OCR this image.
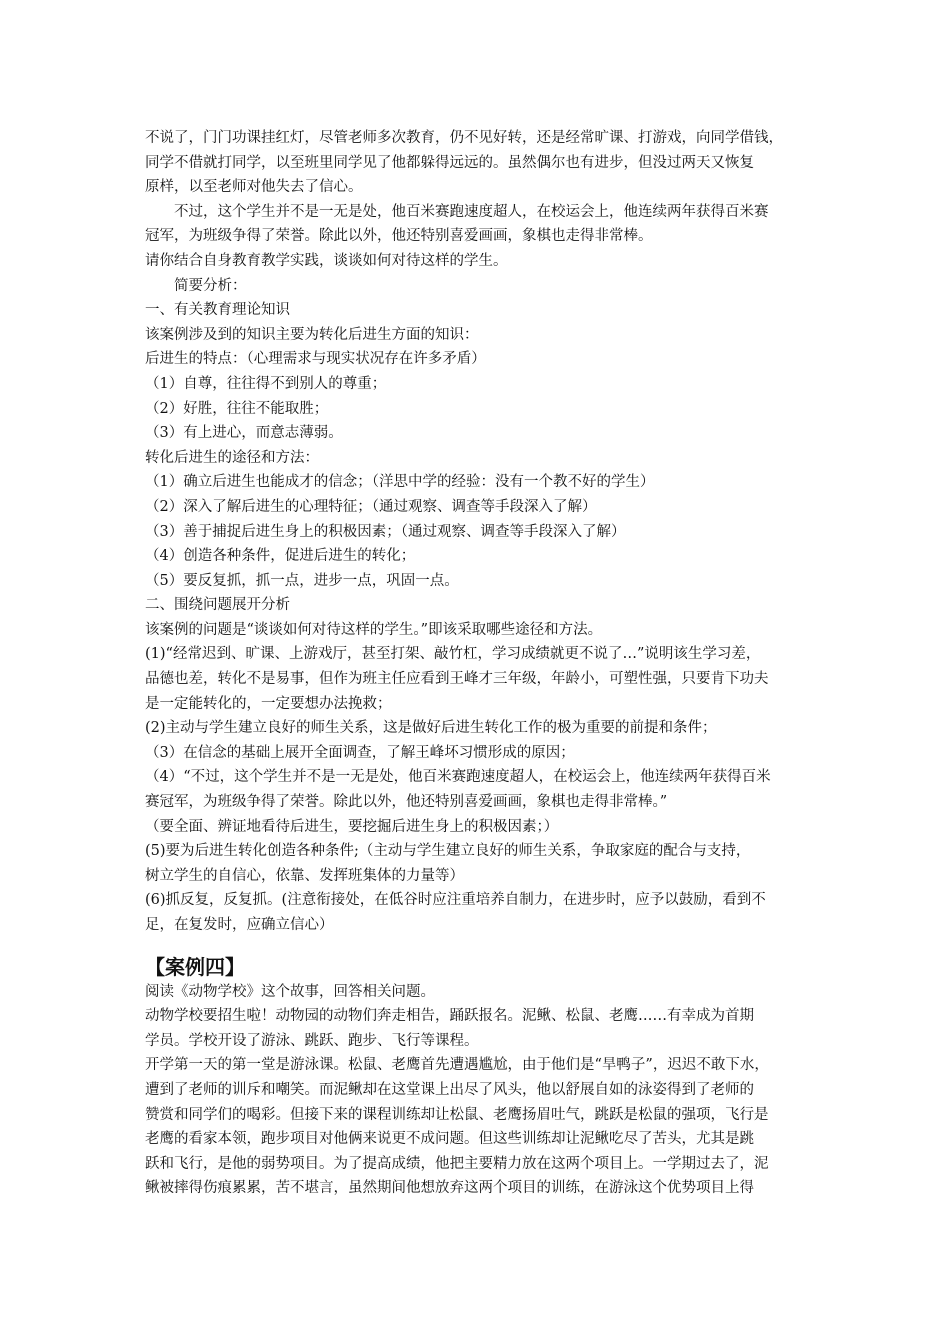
不说了，门门功课挂红灯，尽管老师多次教育，仍不见好转，还是经常旷课、打游戏，向同学借钱，

同学不借就打同学，以至班里同学见了他都躲得远远的。虽然偶尔也有进步，但没过两天又恢复

原样，以至老师对他失去了信心。

不过，这个学生并不是一无是处，他百米赛跑速度超人，在校运会上，他连续两年获得百米赛

冠军，为班级争得了荣誉。除此以外，他还特别喜爱画画，象棋也走得非常棒。

请你结合自身教育教学实践，谈谈如何对待这样的学生。

简要分析：

一、有关教育理论知识

该案例涉及到的知识主要为转化后进生方面的知识：

后进生的特点：（心理需求与现实状况存在许多矛盾）

（1）自尊，往往得不到别人的尊重；

（2）好胜，往往不能取胜；

（3）有上进心，而意志薄弱。

转化后进生的途径和方法：

（1）确立后进生也能成才的信念；（洋思中学的经验：没有一个教不好的学生）

（2）深入了解后进生的心理特征；（通过观察、调查等手段深入了解）

（3）善于捕捉后进生身上的积极因素；（通过观察、调查等手段深入了解）

（4）创造各种条件，促进后进生的转化；

（5）要反复抓，抓一点，进步一点，巩固一点。

二、围绕问题展开分析

该案例的问题是“谈谈如何对待这样的学生。”即该采取哪些途径和方法。

(1)“经常迟到、旷课、上游戏厅，甚至打架、敲竹杠，学习成绩就更不说了…”说明该生学习差，

品德也差，转化不是易事，但作为班主任应看到王峰才三年级，年龄小，可塑性强，只要肯下功夫

是一定能转化的，一定要想办法挽救；

(2)主动与学生建立良好的师生关系，这是做好后进生转化工作的极为重要的前提和条件；

（3）在信念的基础上展开全面调查，了解王峰坏习惯形成的原因；

（4）“不过，这个学生并不是一无是处，他百米赛跑速度超人，在校运会上，他连续两年获得百米

赛冠军，为班级争得了荣誉。除此以外，他还特别喜爱画画，象棋也走得非常棒。”

（要全面、辨证地看待后进生，要挖掘后进生身上的积极因素；）

(5)要为后进生转化创造各种条件;（主动与学生建立良好的师生关系，争取家庭的配合与支持，

树立学生的自信心，依靠、发挥班集体的力量等）

(6)抓反复，反复抓。(注意衔接处，在低谷时应注重培养自制力，在进步时，应予以鼓励，看到不

足，在复发时，应确立信心）

【案例四】

阅读《动物学校》这个故事，回答相关问题。

动物学校要招生啦！动物园的动物们奔走相告，踊跃报名。泥鳅、松鼠、老鹰‥‥‥有幸成为首期

学员。学校开设了游泳、跳跃、跑步、飞行等课程。

开学第一天的第一堂是游泳课。松鼠、老鹰首先遭遇尴尬，由于他们是“旱鸭子”，迟迟不敢下水，

遭到了老师的训斥和嘲笑。而泥鳅却在这堂课上出尽了风头，他以舒展自如的泳姿得到了老师的

赞赏和同学们的喝彩。但接下来的课程训练却让松鼠、老鹰扬眉吐气，跳跃是松鼠的强项，飞行是

老鹰的看家本领，跑步项目对他俩来说更不成问题。但这些训练却让泥鳅吃尽了苦头，尤其是跳

跃和飞行，是他的弱势项目。为了提高成绩，他把主要精力放在这两个项目上。一学期过去了，泥

鳅被摔得伤痕累累，苦不堪言，虽然期间他想放弃这两个项目的训练，在游泳这个优势项目上得
